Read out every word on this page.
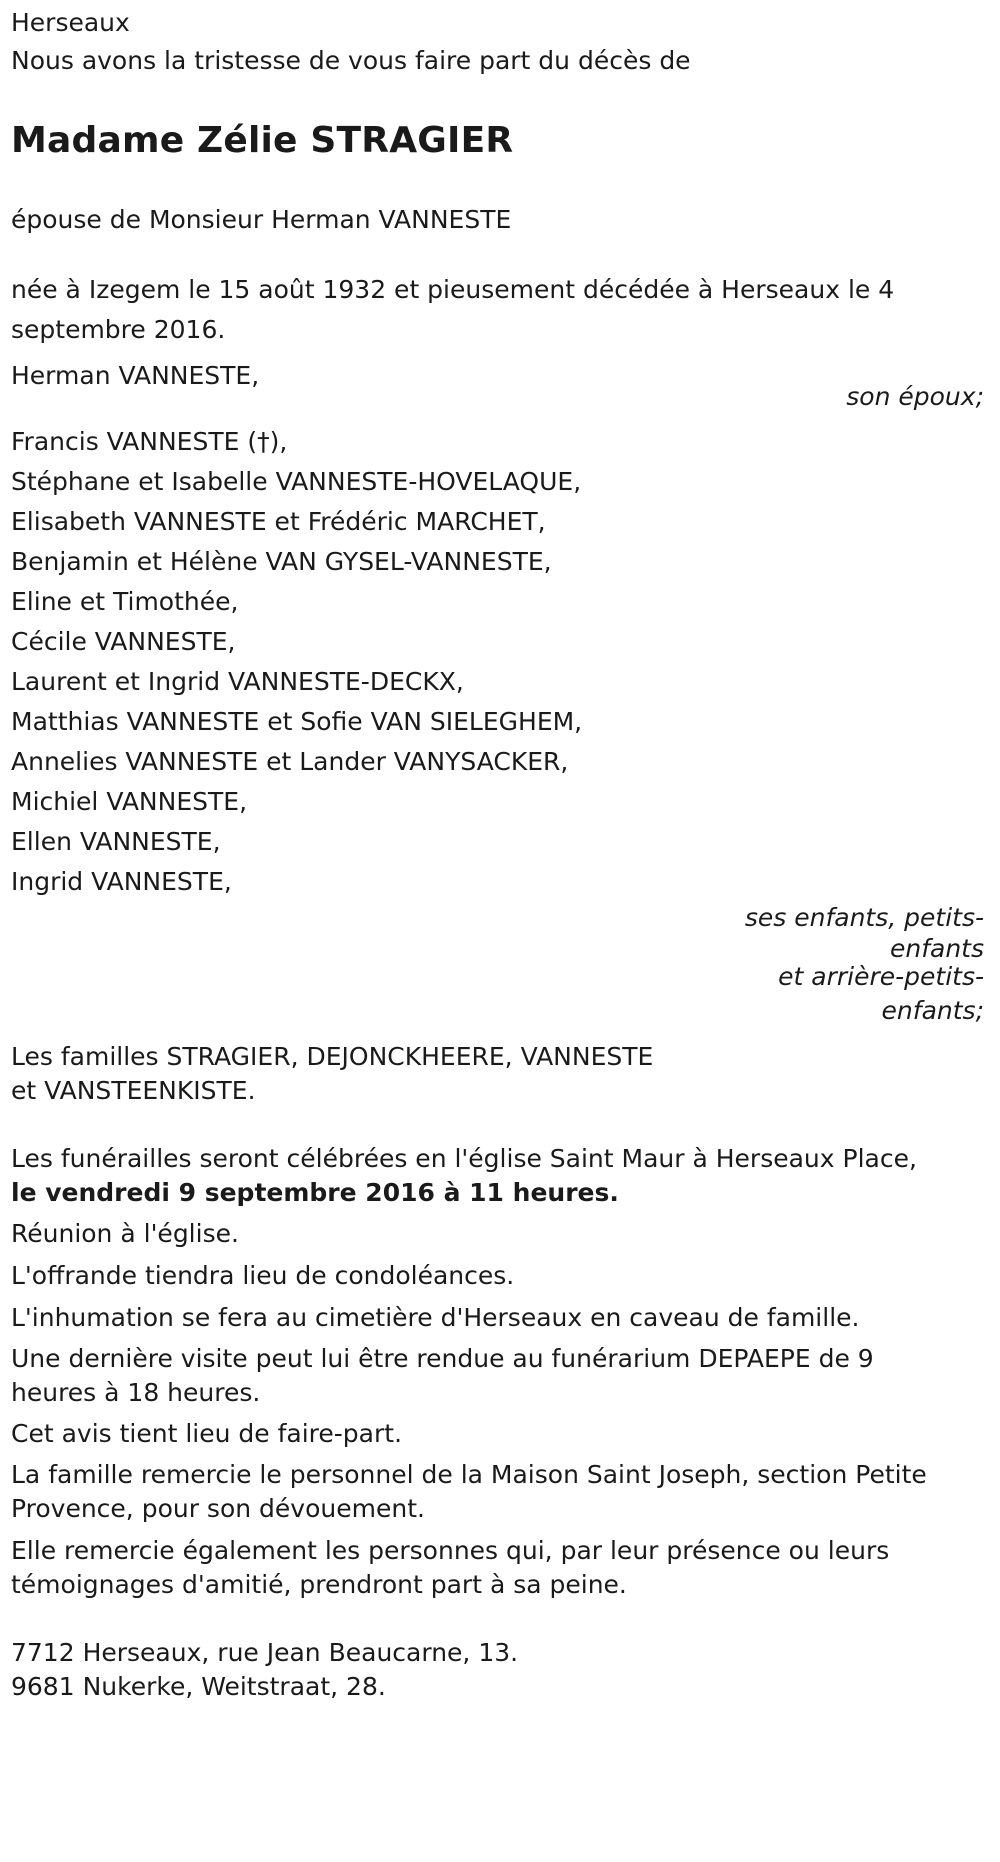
Herseaux

Nous avons la tristesse de vous faire part du décès de

Madame Zélie STRAGIER

épouse de Monsieur Herman VANNESTE

née à Izegem le 15 août 1932 et pieusement décédée à Herseaux le 4

septembre 2016.

Herman VANNESTE,

son époux;

Francis VANNESTE (†),

Stéphane et Isabelle VANNESTE-HOVELAQUE,

Elisabeth VANNESTE et Frédéric MARCHET,

Benjamin et Hélène VAN GYSEL-VANNESTE,

Eline et Timothée,

Cécile VANNESTE,

Laurent et Ingrid VANNESTE-DECKX,

Matthias VANNESTE et Sofie VAN SIELEGHEM,

Annelies VANNESTE et Lander VANYSACKER,

Michiel VANNESTE,

Ellen VANNESTE,

Ingrid VANNESTE,

ses enfants, petits-

enfants

et arrière-petits-

enfants;

Les familles STRAGIER, DEJONCKHEERE, VANNESTE

et VANSTEENKISTE.

Les funérailles seront célébrées en l'église Saint Maur à Herseaux Place,

le vendredi 9 septembre 2016 à 11 heures.

Réunion à l'église.

L'offrande tiendra lieu de condoléances.

L'inhumation se fera au cimetière d'Herseaux en caveau de famille.

Une dernière visite peut lui être rendue au funérarium DEPAEPE de 9

heures à 18 heures.

Cet avis tient lieu de faire-part.

La famille remercie le personnel de la Maison Saint Joseph, section Petite

Provence, pour son dévouement.

Elle remercie également les personnes qui, par leur présence ou leurs

témoignages d'amitié, prendront part à sa peine.

7712 Herseaux, rue Jean Beaucarne, 13.

9681 Nukerke, Weitstraat, 28.
